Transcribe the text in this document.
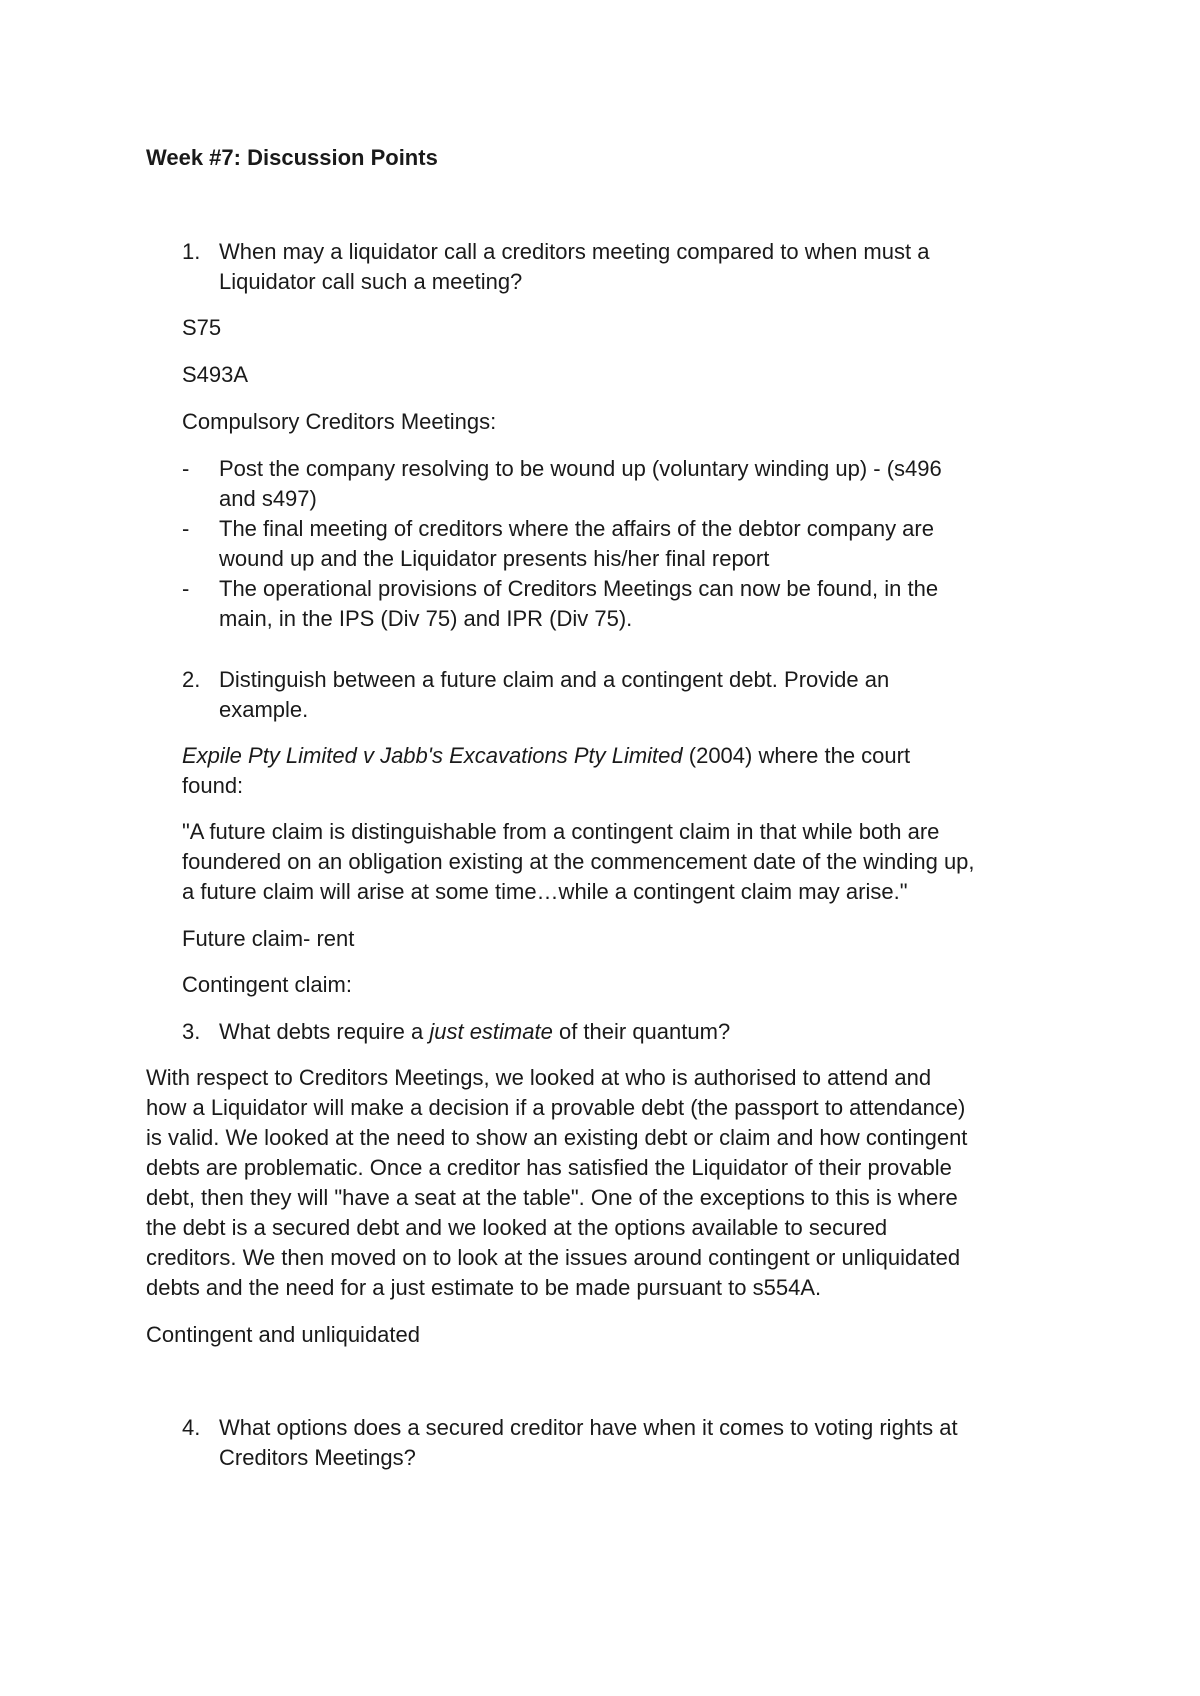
Week #7: Discussion Points
1. When may a liquidator call a creditors meeting compared to when must a
Liquidator call such a meeting?
S75
S493A
Compulsory Creditors Meetings:
- Post the company resolving to be wound up (voluntary winding up) - (s496
and s497)
- The final meeting of creditors where the affairs of the debtor company are
wound up and the Liquidator presents his/her final report
- The operational provisions of Creditors Meetings can now be found, in the
main, in the IPS (Div 75) and IPR (Div 75).
2. Distinguish between a future claim and a contingent debt. Provide an
example.
Expile Pty Limited v Jabb's Excavations Pty Limited (2004) where the court
found:
"A future claim is distinguishable from a contingent claim in that while both are
foundered on an obligation existing at the commencement date of the winding up,
a future claim will arise at some time…while a contingent claim may arise."
Future claim- rent
Contingent claim:
3. What debts require a just estimate of their quantum?
With respect to Creditors Meetings, we looked at who is authorised to attend and
how a Liquidator will make a decision if a provable debt (the passport to attendance)
is valid. We looked at the need to show an existing debt or claim and how contingent
debts are problematic. Once a creditor has satisfied the Liquidator of their provable
debt, then they will "have a seat at the table". One of the exceptions to this is where
the debt is a secured debt and we looked at the options available to secured
creditors. We then moved on to look at the issues around contingent or unliquidated
debts and the need for a just estimate to be made pursuant to s554A.
Contingent and unliquidated
4. What options does a secured creditor have when it comes to voting rights at
Creditors Meetings?
